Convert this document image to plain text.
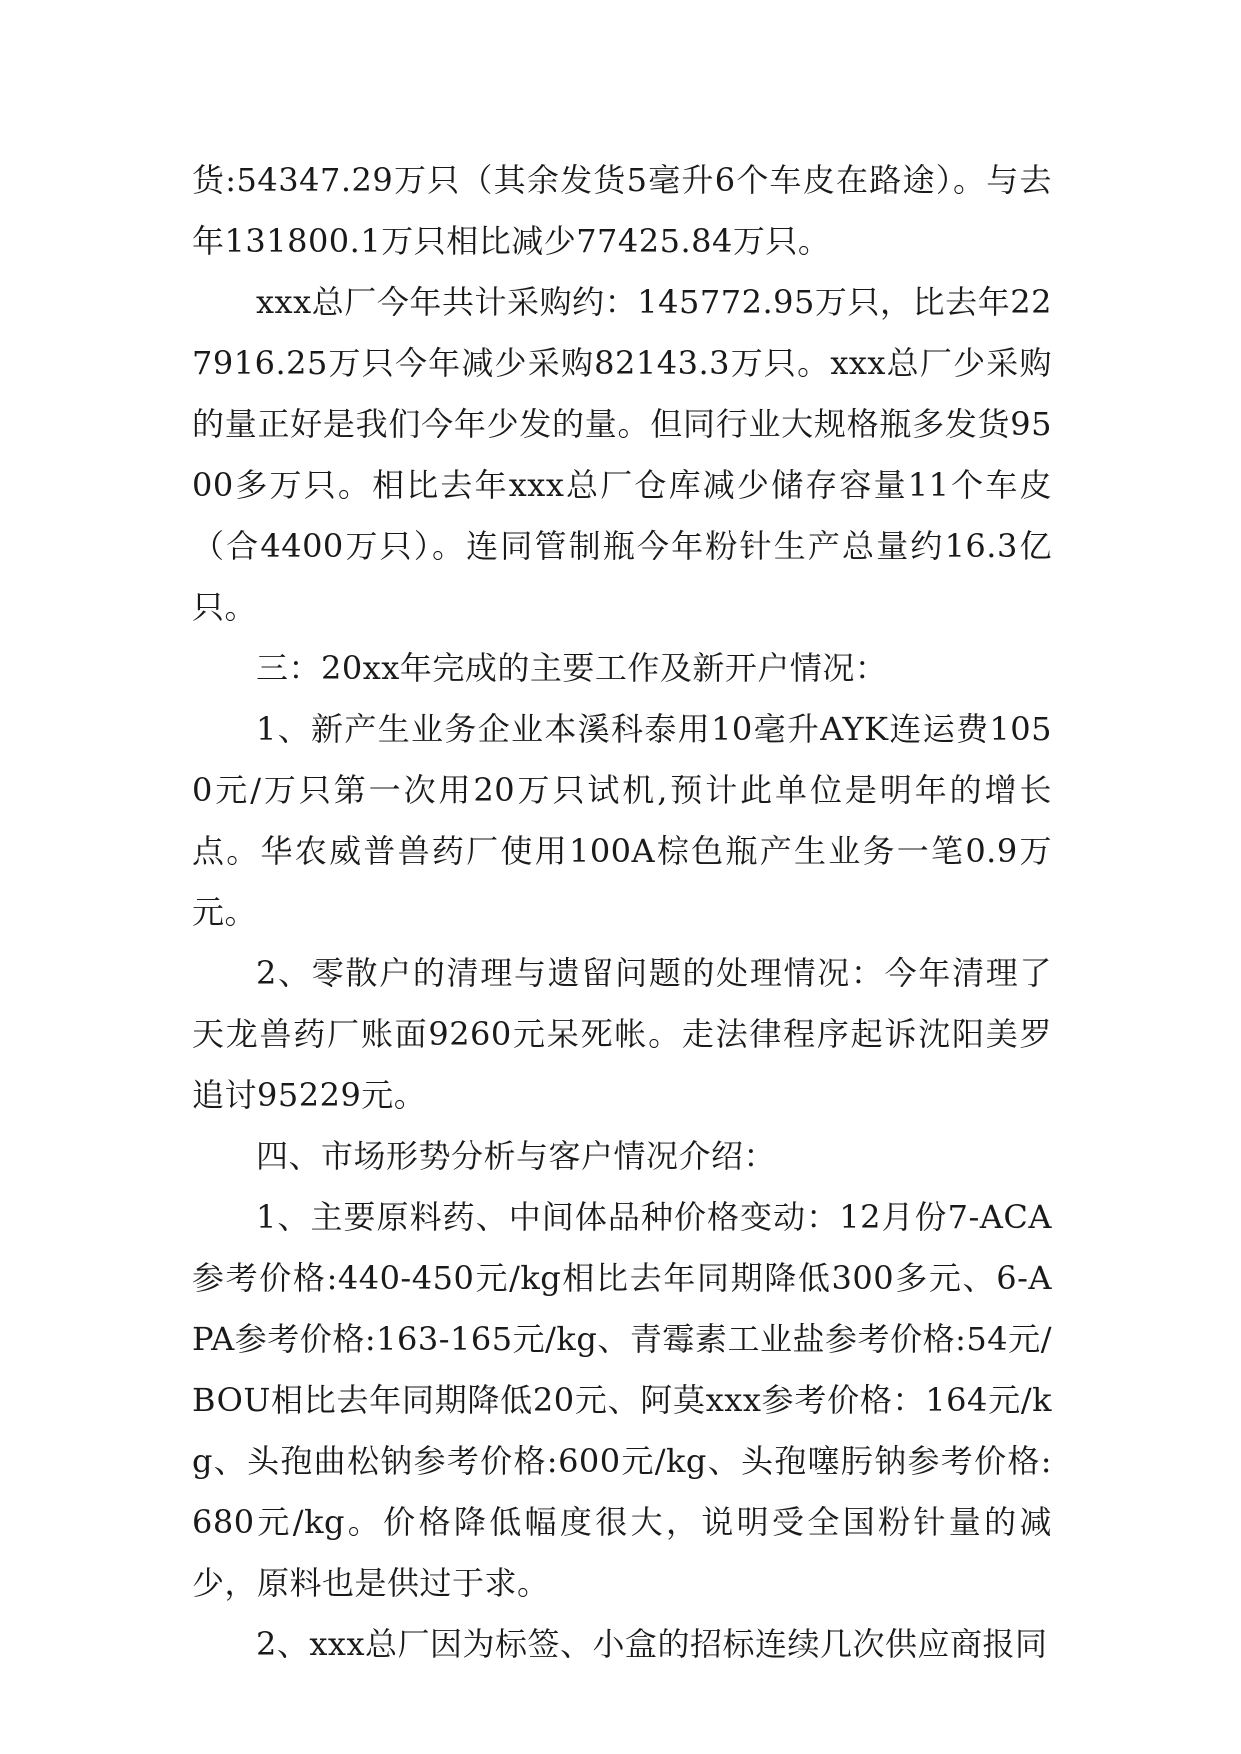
货:54347.29万只（其余发货5毫升6个车皮在路途）。与去年131800.1万只相比减少77425.84万只。

xxx总厂今年共计采购约：145772.95万只，比去年227916.25万只今年减少采购82143.3万只。xxx总厂少采购的量正好是我们今年少发的量。但同行业大规格瓶多发货9500多万只。相比去年xxx总厂仓库减少储存容量11个车皮（合4400万只）。连同管制瓶今年粉针生产总量约16.3亿只。

三：20xx年完成的主要工作及新开户情况：

1、新产生业务企业本溪科泰用10毫升AYK连运费1050元/万只第一次用20万只试机,预计此单位是明年的增长点。华农威普兽药厂使用100A棕色瓶产生业务一笔0.9万元。

2、零散户的清理与遗留问题的处理情况：今年清理了天龙兽药厂账面9260元呆死帐。走法律程序起诉沈阳美罗追讨95229元。

四、市场形势分析与客户情况介绍：

1、主要原料药、中间体品种价格变动：12月份7-ACA参考价格:440-450元/kg相比去年同期降低300多元、6-APA参考价格:163-165元/kg、青霉素工业盐参考价格:54元/BOU相比去年同期降低20元、阿莫xxx参考价格：164元/kg、头孢曲松钠参考价格:600元/kg、头孢噻肟钠参考价格:680元/kg。价格降低幅度很大，说明受全国粉针量的减少，原料也是供过于求。

2、xxx总厂因为标签、小盒的招标连续几次供应商报同
